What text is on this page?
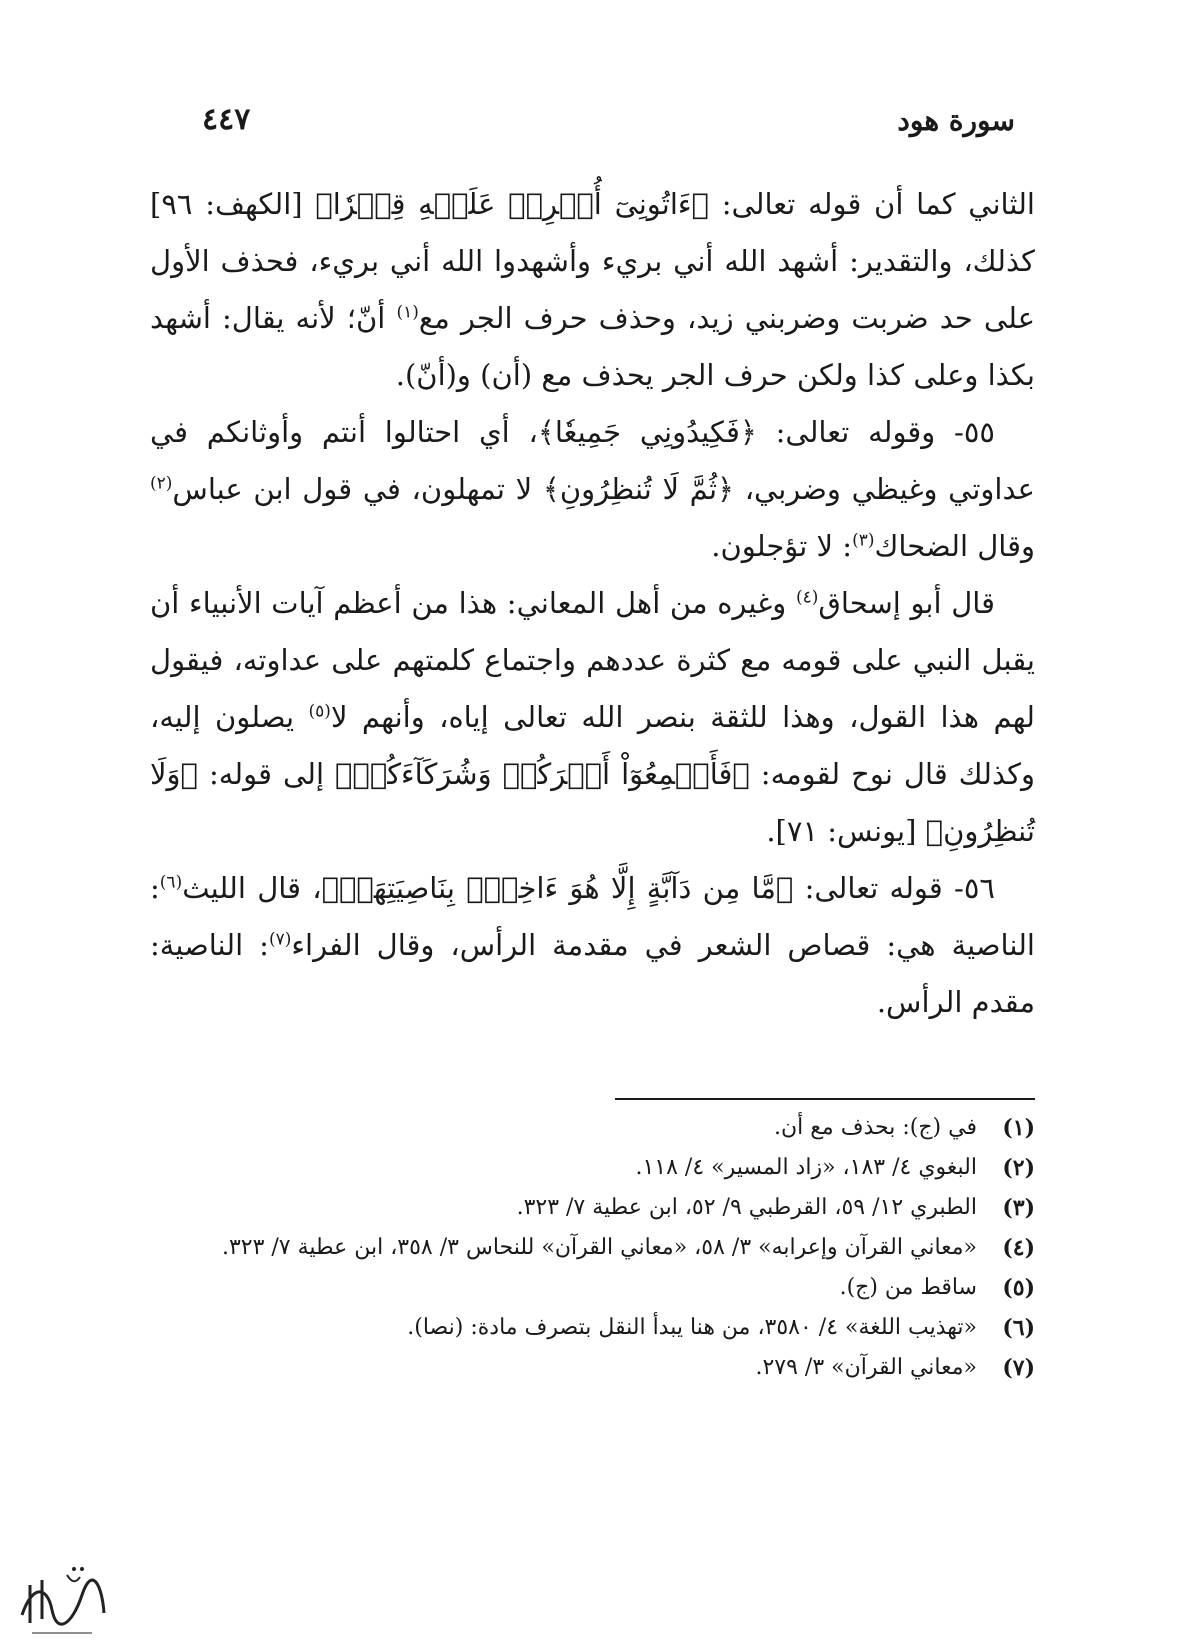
سورة هود
٤٤٧

الثاني كما أن قوله تعالى: ﴿ءَاتُونِىٓ أُفۡرِغۡ عَلَيۡهِ قِطۡرٗا﴾ [الكهف: ٩٦] كذلك، والتقدير: أشهد الله أني بريء وأشهدوا الله أني بريء، فحذف الأول على حد ضربت وضربني زيد، وحذف حرف الجر مع$^{(١)}$ أنّ؛ لأنه يقال: أشهد بكذا وعلى كذا ولكن حرف الجر يحذف مع (أن) و(أنّ).

٥٥- وقوله تعالى: ﴿فَكِيدُونِي جَمِيعٗا﴾، أي احتالوا أنتم وأوثانكم في عداوتي وغيظي وضربي، ﴿ثُمَّ لَا تُنظِرُونِ﴾ لا تمهلون، في قول ابن عباس$^{(٢)}$ وقال الضحاك$^{(٣)}$: لا تؤجلون.

قال أبو إسحاق$^{(٤)}$ وغيره من أهل المعاني: هذا من أعظم آيات الأنبياء أن يقبل النبي على قومه مع كثرة عددهم واجتماع كلمتهم على عداوته، فيقول لهم هذا القول، وهذا للثقة بنصر الله تعالى إياه، وأنهم لا$^{(٥)}$ يصلون إليه، وكذلك قال نوح لقومه: ﴿فَأَجۡمِعُوٓاْ أَمۡرَكُمۡ وَشُرَكَآءَكُمۡ﴾ إلى قوله: ﴿وَلَا تُنظِرُونِ﴾ [يونس: ٧١].

٥٦- قوله تعالى: ﴿مَّا مِن دَآبَّةٍ إِلَّا هُوَ ءَاخِذُۢ بِنَاصِيَتِهَآۚ﴾، قال الليث$^{(٦)}$: الناصية هي: قصاص الشعر في مقدمة الرأس، وقال الفراء$^{(٧)}$: الناصية: مقدم الرأس.

(١)
في (ج): بحذف مع أن.
(٢)
البغوي ٤/ ١٨٣، «زاد المسير» ٤/ ١١٨.
(٣)
الطبري ١٢/ ٥٩، القرطبي ٩/ ٥٢، ابن عطية ٧/ ٣٢٣.
(٤)
«معاني القرآن وإعرابه» ٣/ ٥٨، «معاني القرآن» للنحاس ٣/ ٣٥٨، ابن عطية ٧/ ٣٢٣.
(٥)
ساقط من (ج).
(٦)
«تهذيب اللغة» ٤/ ٣٥٨٠، من هنا يبدأ النقل بتصرف مادة: (نصا).
(٧)
«معاني القرآن» ٣/ ٢٧٩.
